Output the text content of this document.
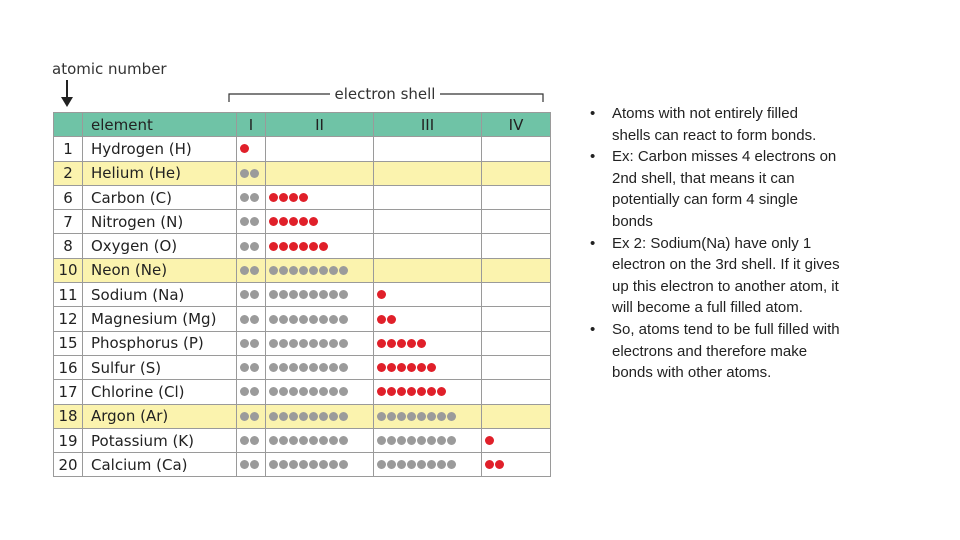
atomic number
electron shell
	element	I	II	III	IV
1	Hydrogen (H)	

2	Helium (He)	

6	Carbon (C)	

7	Nitrogen (N)	

8	Oxygen (O)	

10	Neon (Ne)	

11	Sodium (Na)	

12	Magnesium (Mg)	

15	Phosphorus (P)	

16	Sulfur (S)	

17	Chlorine (Cl)	

18	Argon (Ar)	

19	Potassium (K)	

20	Calcium (Ca)	

• Atoms with not entirely filled shells can react to form bonds.
• Ex: Carbon misses 4 electrons on 2nd shell, that means it can potentially can form 4 single bonds
• Ex 2: Sodium(Na) have only 1 electron on the 3rd shell. If it gives up this electron to another atom, it will become a full filled atom.
• So, atoms tend to be full filled with electrons and therefore make bonds with other atoms.
